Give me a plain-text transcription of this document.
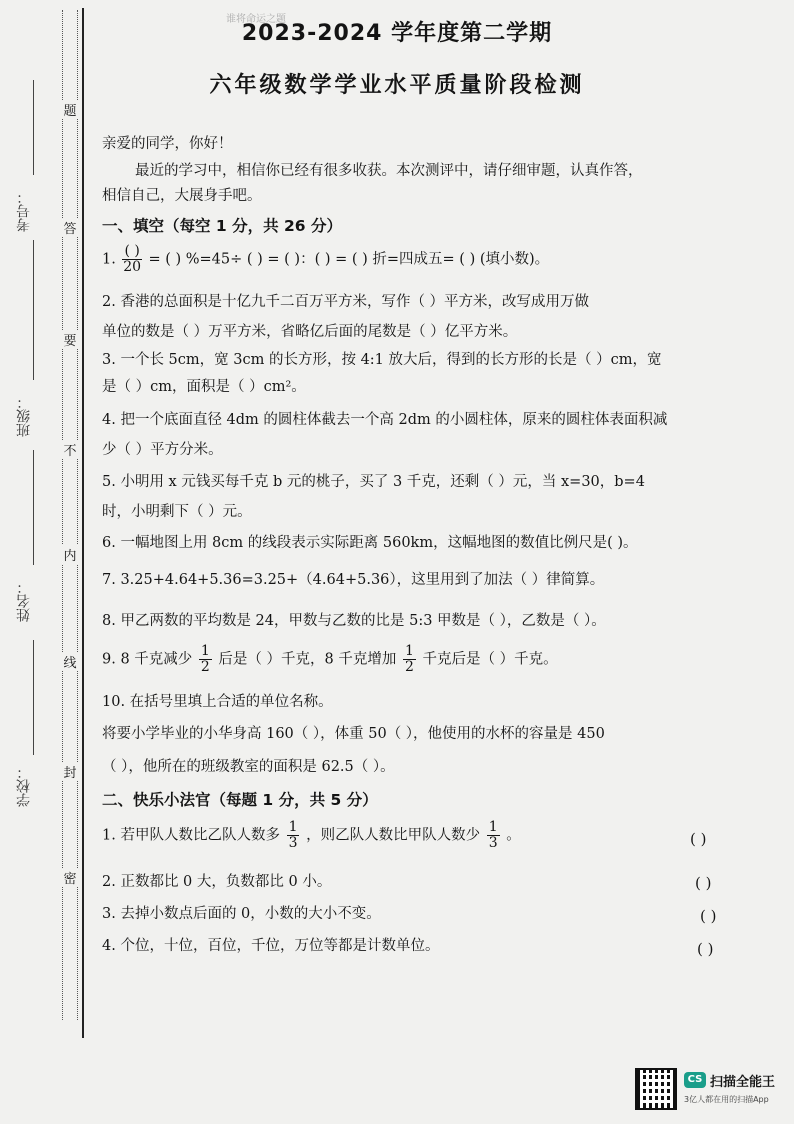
考号：
班级：
姓名：
学校：
题
答
要
不
内
线
封
密
谁将命运之题
2023-2024 学年度第二学期
六年级数学学业水平质量阶段检测
亲爱的同学，你好！
最近的学习中，相信你已经有很多收获。本次测评中，请仔细审题，认真作答，
相信自己，大展身手吧。
一、填空（每空 1 分，共 26 分）
1. $\frac{( )}{20}$ = ( ) %=45÷ ( ) = ( )：( ) = ( ) 折=四成五= ( ) (填小数)。
2. 香港的总面积是十亿九千二百万平方米，写作（ ）平方米，改写成用万做
单位的数是（ ）万平方米，省略亿后面的尾数是（ ）亿平方米。
3. 一个长 5cm，宽 3cm 的长方形，按 4:1 放大后，得到的长方形的长是（ ）cm，宽
是（ ）cm，面积是（ ）cm²。
4. 把一个底面直径 4dm 的圆柱体截去一个高 2dm 的小圆柱体，原来的圆柱体表面积减
少（ ）平方分米。
5. 小明用 x 元钱买每千克 b 元的桃子，买了 3 千克，还剩（ ）元，当 x=30，b=4
时，小明剩下（ ）元。
6. 一幅地图上用 8cm 的线段表示实际距离 560km，这幅地图的数值比例尺是( )。
7. 3.25+4.64+5.36=3.25+（4.64+5.36），这里用到了加法（ ）律简算。
8. 甲乙两数的平均数是 24，甲数与乙数的比是 5:3 甲数是（ ），乙数是（ ）。
9. 8 千克减少 $\frac{1}{2}$ 后是（ ）千克，8 千克增加 $\frac{1}{2}$ 千克后是（ ）千克。
10. 在括号里填上合适的单位名称。
将要小学毕业的小华身高 160（ ），体重 50（ ），他使用的水杯的容量是 450
（ ），他所在的班级教室的面积是 62.5（ ）。
二、快乐小法官（每题 1 分，共 5 分）
1. 若甲队人数比乙队人数多 $\frac{1}{3}$ ，则乙队人数比甲队人数少 $\frac{1}{3}$ 。	( )
2. 正数都比 0 大，负数都比 0 小。	( )
3. 去掉小数点后面的 0，小数的大小不变。	( )
4. 个位，十位，百位，千位，万位等都是计数单位。	( )
CS 扫描全能王
3亿人都在用的扫描App
